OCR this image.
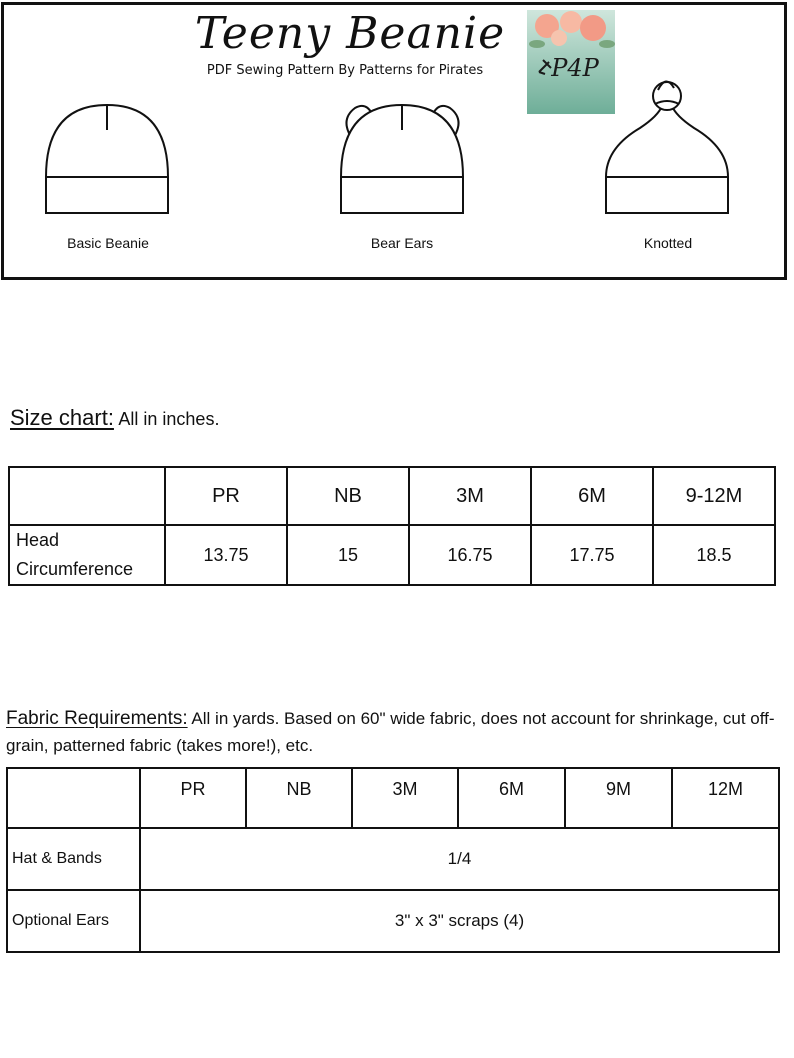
Teeny Beanie
PDF Sewing Pattern By Patterns for Pirates	P4P
Basic Beanie	Bear Ears	Knotted
Size chart: All in inches.
	PR	NB	3M	6M	9-12M

Head
Circumference	13.75	15	16.75	17.75	18.5
Fabric Requirements: All in yards. Based on 60" wide fabric, does not account for shrinkage, cut off-grain, patterned fabric (takes more!), etc.
	PR	NB	3M	6M	9M	12M
Hat & Bands	1/4					
Optional Ears	3" x 3" scraps (4)					
